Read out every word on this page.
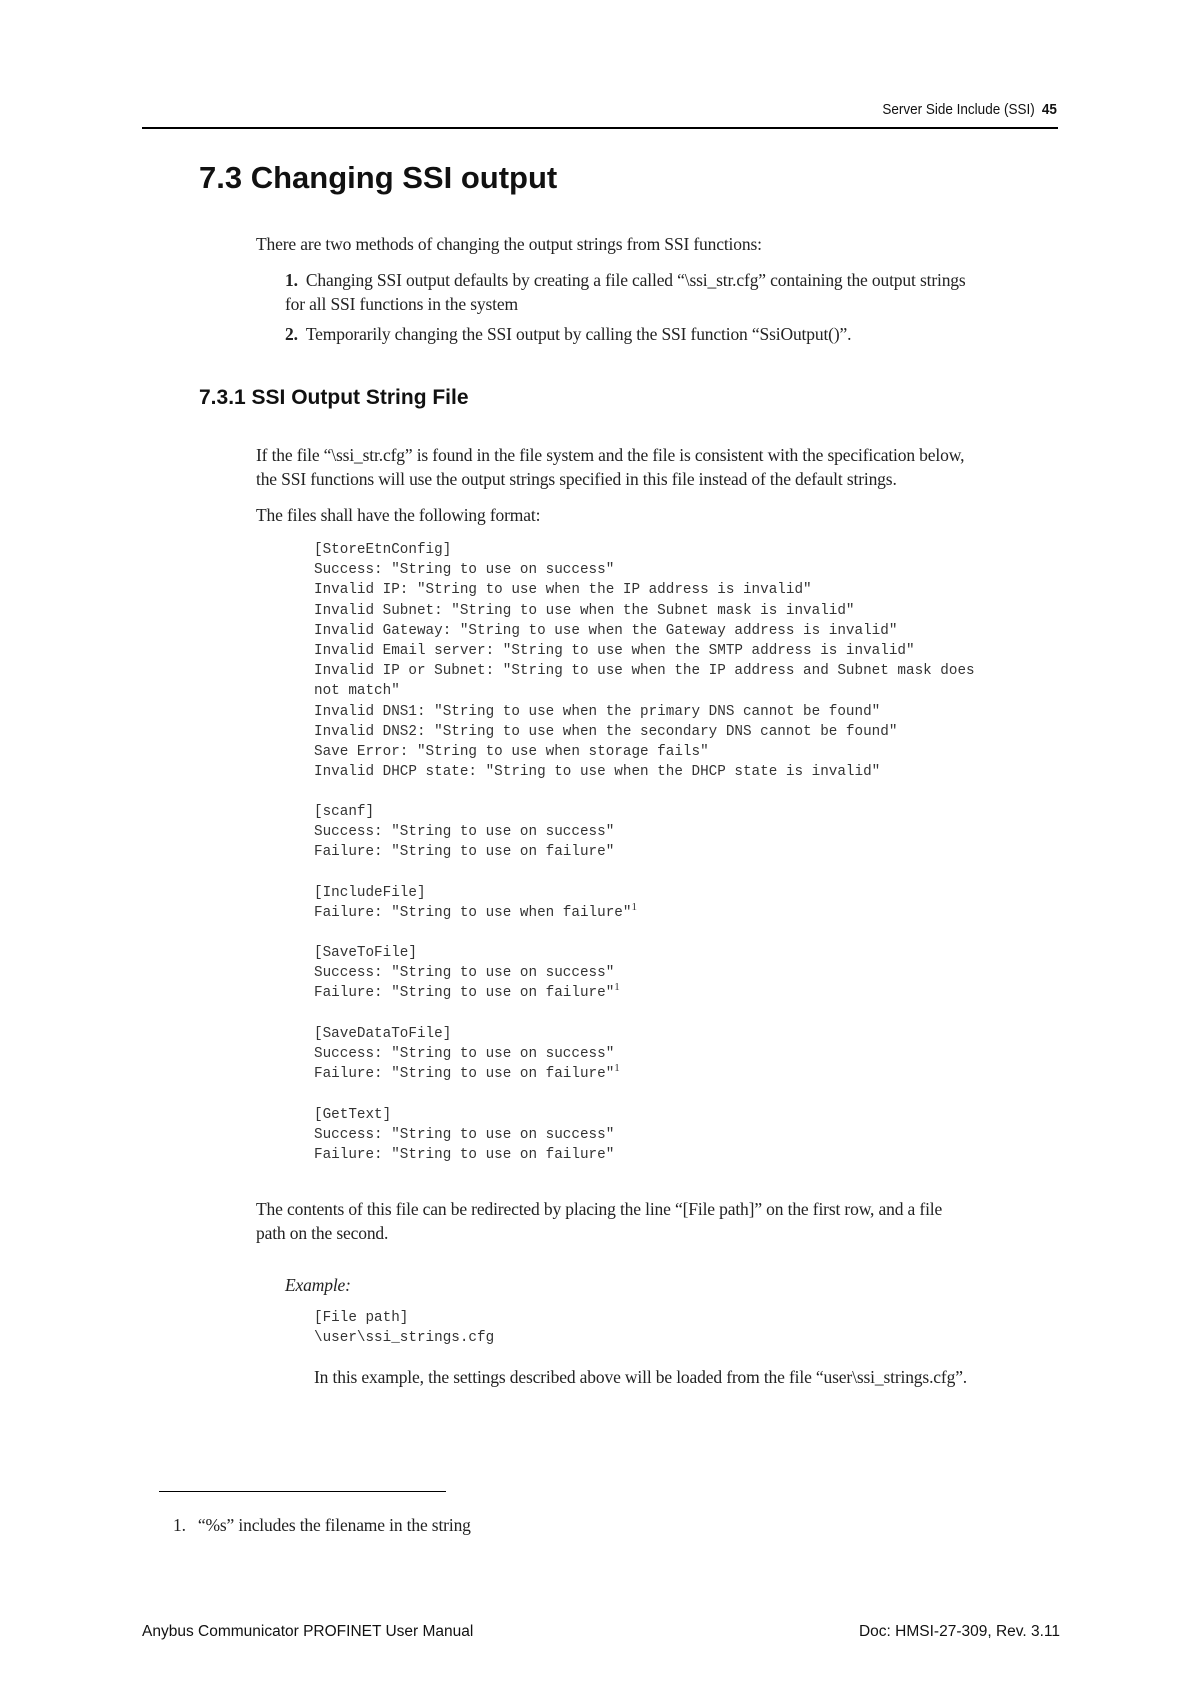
Server Side Include (SSI) 45
7.3 Changing SSI output

There are two methods of changing the output strings from SSI functions:

1. Changing SSI output defaults by creating a file called “\ssi_str.cfg” containing the output strings
for all SSI functions in the system
2. Temporarily changing the SSI output by calling the SSI function “SsiOutput()”.
7.3.1 SSI Output String File

If the file “\ssi_str.cfg” is found in the file system and the file is consistent with the specification below,
the SSI functions will use the output strings specified in this file instead of the default strings.

The files shall have the following format:

[StoreEtnConfig]
Success: "String to use on success"
Invalid IP: "String to use when the IP address is invalid"
Invalid Subnet: "String to use when the Subnet mask is invalid"
Invalid Gateway: "String to use when the Gateway address is invalid"
Invalid Email server: "String to use when the SMTP address is invalid"
Invalid IP or Subnet: "String to use when the IP address and Subnet mask does
not match"
Invalid DNS1: "String to use when the primary DNS cannot be found"
Invalid DNS2: "String to use when the secondary DNS cannot be found"
Save Error: "String to use when storage fails"
Invalid DHCP state: "String to use when the DHCP state is invalid"
[scanf]
Success: "String to use on success"
Failure: "String to use on failure"
[IncludeFile]
Failure: "String to use when failure"$^1$
[SaveToFile]
Success: "String to use on success"
Failure: "String to use on failure"$^1$
[SaveDataToFile]
Success: "String to use on success"
Failure: "String to use on failure"$^1$
[GetText]
Success: "String to use on success"
Failure: "String to use on failure"

The contents of this file can be redirected by placing the line “[File path]” on the first row, and a file
path on the second.

Example:

[File path]
\user\ssi_strings.cfg

In this example, the settings described above will be loaded from the file “user\ssi_strings.cfg”.

1. “%s” includes the filename in the string

Anybus Communicator PROFINET User Manual	Doc: HMSI-27-309, Rev. 3.11
